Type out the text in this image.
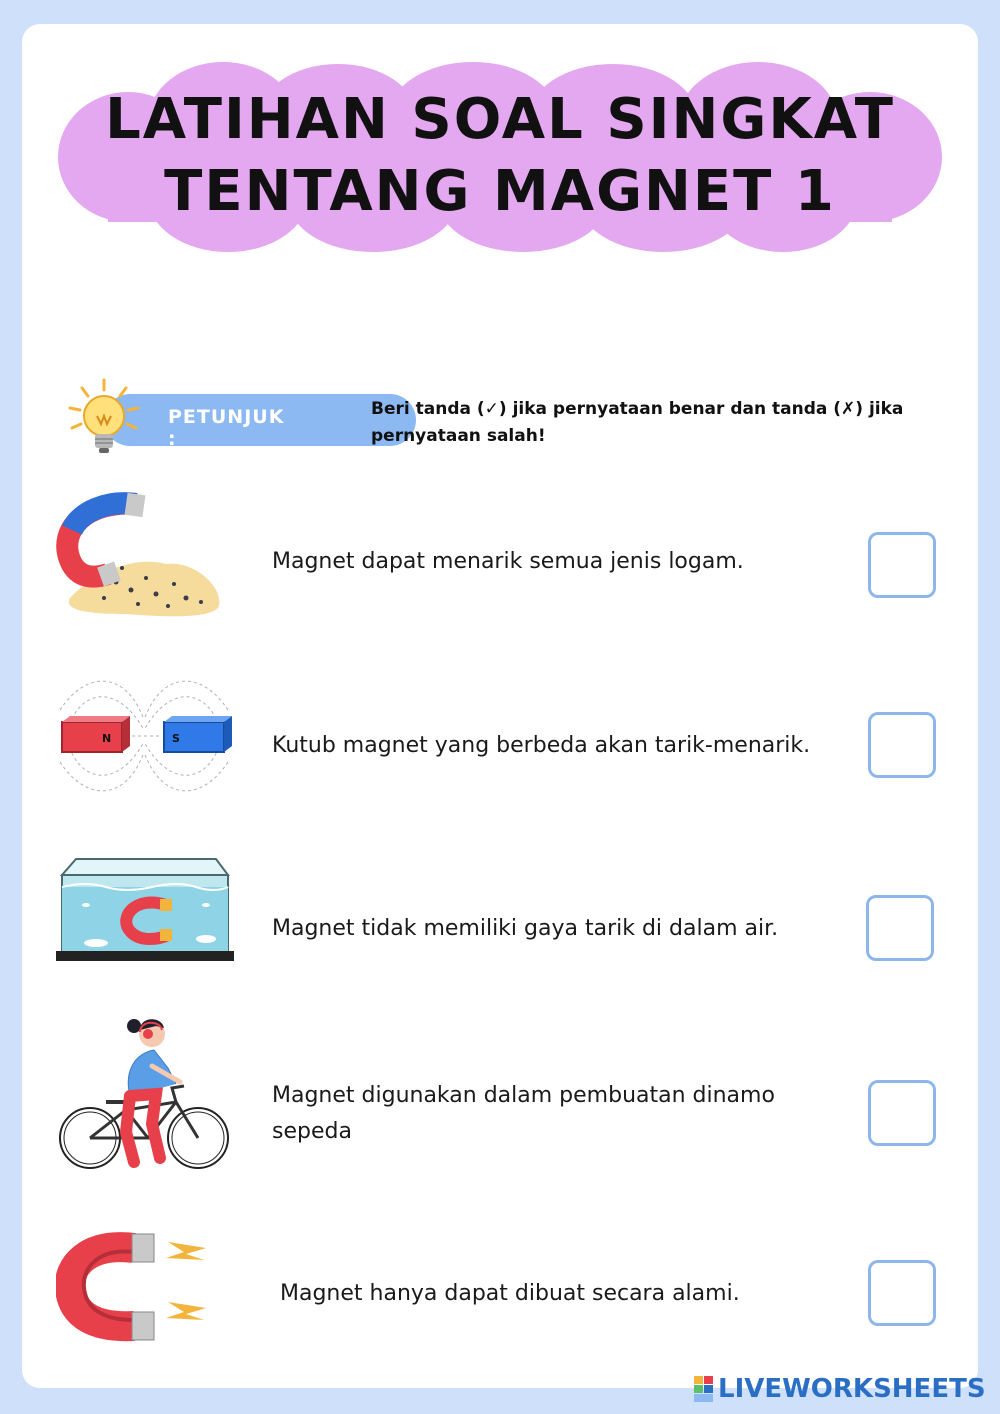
LATIHAN SOAL SINGKAT
TENTANG MAGNET 1
PETUNJUK :
Beri tanda (✓) jika pernyataan benar dan tanda (✗) jika pernyataan salah!
Magnet dapat menarik semua jenis logam.
N	S	Kutub magnet yang berbeda akan tarik-menarik.
Magnet tidak memiliki gaya tarik di dalam air.
Magnet digunakan dalam pembuatan dinamo sepeda
Magnet hanya dapat dibuat secara alami.
LIVEWORKSHEETS
